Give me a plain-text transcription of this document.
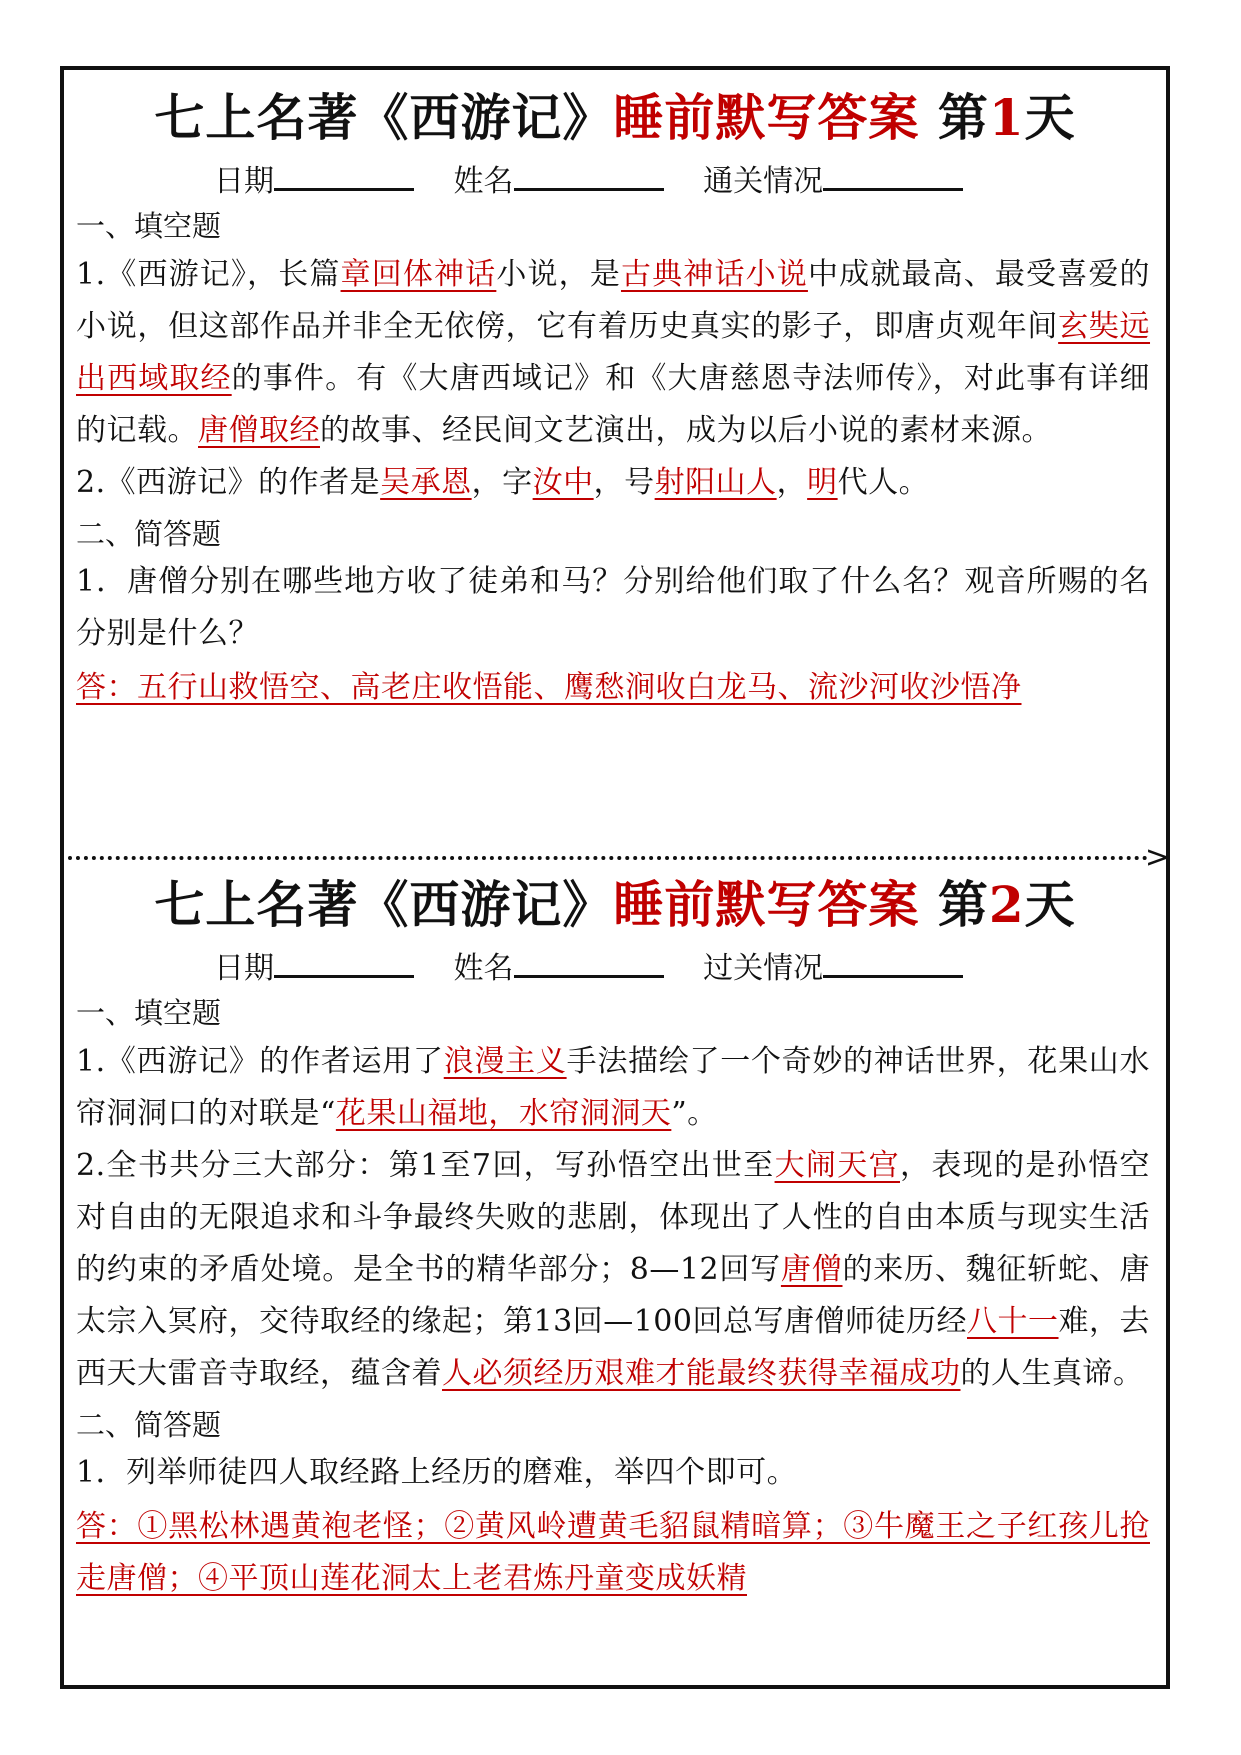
七上名著《西游记》睡前默写答案 第1天
日期	姓名	通关情况
一、填空题
1.《西游记》，长篇章回体神话小说，是古典神话小说中成就最高、最受喜爱的小说，但这部作品并非全无依傍，它有着历史真实的影子，即唐贞观年间玄奘远出西域取经的事件。有《大唐西域记》和《大唐慈恩寺法师传》，对此事有详细的记载。唐僧取经的故事、经民间文艺演出，成为以后小说的素材来源。
2.《西游记》的作者是吴承恩，字汝中，号射阳山人，明代人。
二、简答题
1．唐僧分别在哪些地方收了徒弟和马？分别给他们取了什么名？观音所赐的名分别是什么？
答：五行山救悟空、高老庄收悟能、鹰愁涧收白龙马、流沙河收沙悟净
>
七上名著《西游记》睡前默写答案 第2天
日期	姓名	过关情况
一、填空题
1.《西游记》的作者运用了浪漫主义手法描绘了一个奇妙的神话世界，花果山水帘洞洞口的对联是“花果山福地，水帘洞洞天”。
2.全书共分三大部分：第1至7回，写孙悟空出世至大闹天宫，表现的是孙悟空对自由的无限追求和斗争最终失败的悲剧，体现出了人性的自由本质与现实生活的约束的矛盾处境。是全书的精华部分；8—12回写唐僧的来历、魏征斩蛇、唐太宗入冥府，交待取经的缘起；第13回—100回总写唐僧师徒历经八十一难，去西天大雷音寺取经，蕴含着人必须经历艰难才能最终获得幸福成功的人生真谛。
二、简答题
1．列举师徒四人取经路上经历的磨难，举四个即可。
答：①黑松林遇黄袍老怪；②黄风岭遭黄毛貂鼠精暗算；③牛魔王之子红孩儿抢走唐僧；④平顶山莲花洞太上老君炼丹童变成妖精
